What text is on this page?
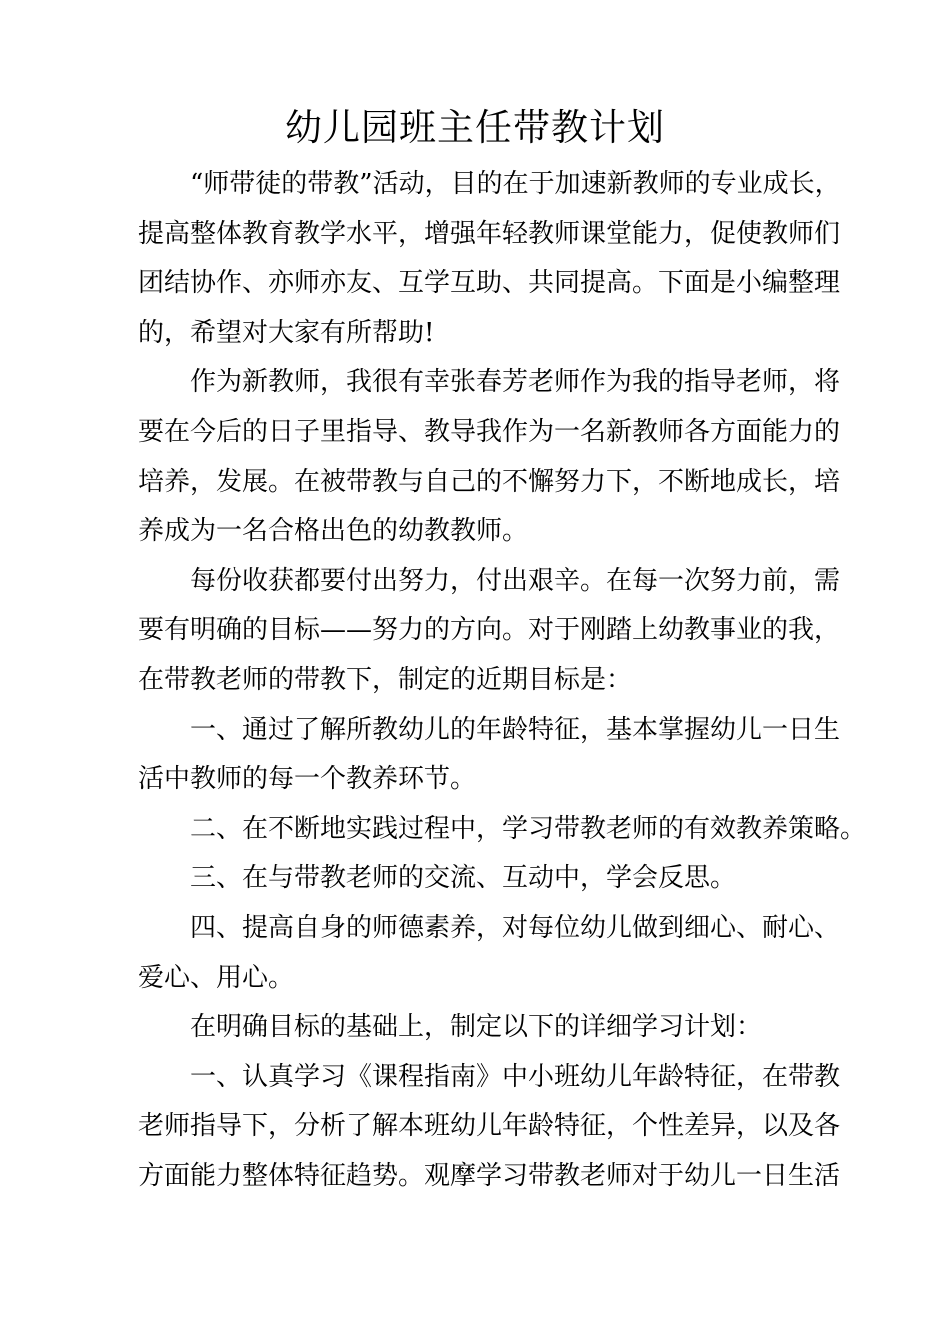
幼儿园班主任带教计划
“师带徒的带教”活动，目的在于加速新教师的专业成长，
提高整体教育教学水平，增强年轻教师课堂能力，促使教师们
团结协作、亦师亦友、互学互助、共同提高。下面是小编整理
的，希望对大家有所帮助!
作为新教师，我很有幸张春芳老师作为我的指导老师，将
要在今后的日子里指导、教导我作为一名新教师各方面能力的
培养，发展。在被带教与自己的不懈努力下，不断地成长，培
养成为一名合格出色的幼教教师。
每份收获都要付出努力，付出艰辛。在每一次努力前，需
要有明确的目标——努力的方向。对于刚踏上幼教事业的我，
在带教老师的带教下，制定的近期目标是：
一、通过了解所教幼儿的年龄特征，基本掌握幼儿一日生
活中教师的每一个教养环节。
二、在不断地实践过程中，学习带教老师的有效教养策略。
三、在与带教老师的交流、互动中，学会反思。
四、提高自身的师德素养，对每位幼儿做到细心、耐心、
爱心、用心。
在明确目标的基础上，制定以下的详细学习计划：
一、认真学习《课程指南》中小班幼儿年龄特征，在带教
老师指导下，分析了解本班幼儿年龄特征，个性差异，以及各
方面能力整体特征趋势。观摩学习带教老师对于幼儿一日生活
